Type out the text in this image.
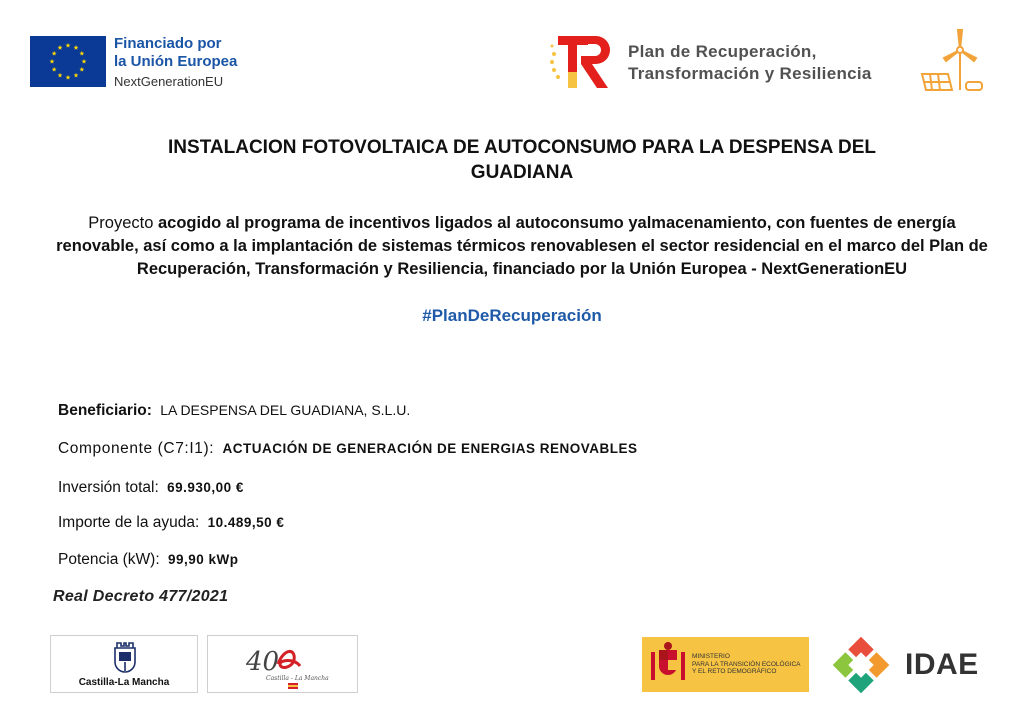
Financiado por
la Unión Europea
NextGenerationEU
Plan de Recuperación,
Transformación y Resiliencia
INSTALACION FOTOVOLTAICA DE AUTOCONSUMO PARA LA DESPENSA DEL
GUADIANA
Proyecto acogido al programa de incentivos ligados al autoconsumo yalmacenamiento, con fuentes de energía renovable, así como a la implantación de sistemas térmicos renovablesen el sector residencial en el marco del Plan de Recuperación, Transformación y Resiliencia, financiado por la Unión Europea - NextGenerationEU
#PlanDeRecuperación
Beneficiario: LA DESPENSA DEL GUADIANA, S.L.U.
Componente (C7:I1): ACTUACIÓN DE GENERACIÓN DE ENERGIAS RENOVABLES
Inversión total: 69.930,00 €
Importe de la ayuda: 10.489,50 €
Potencia (kW): 99,90 kWp
Real Decreto 477/2021
Castilla-La Mancha
40
Castilla - La Mancha
MINISTERIO
PARA LA TRANSICIÓN ECOLÓGICA
Y EL RETO DEMOGRÁFICO	IDAE
